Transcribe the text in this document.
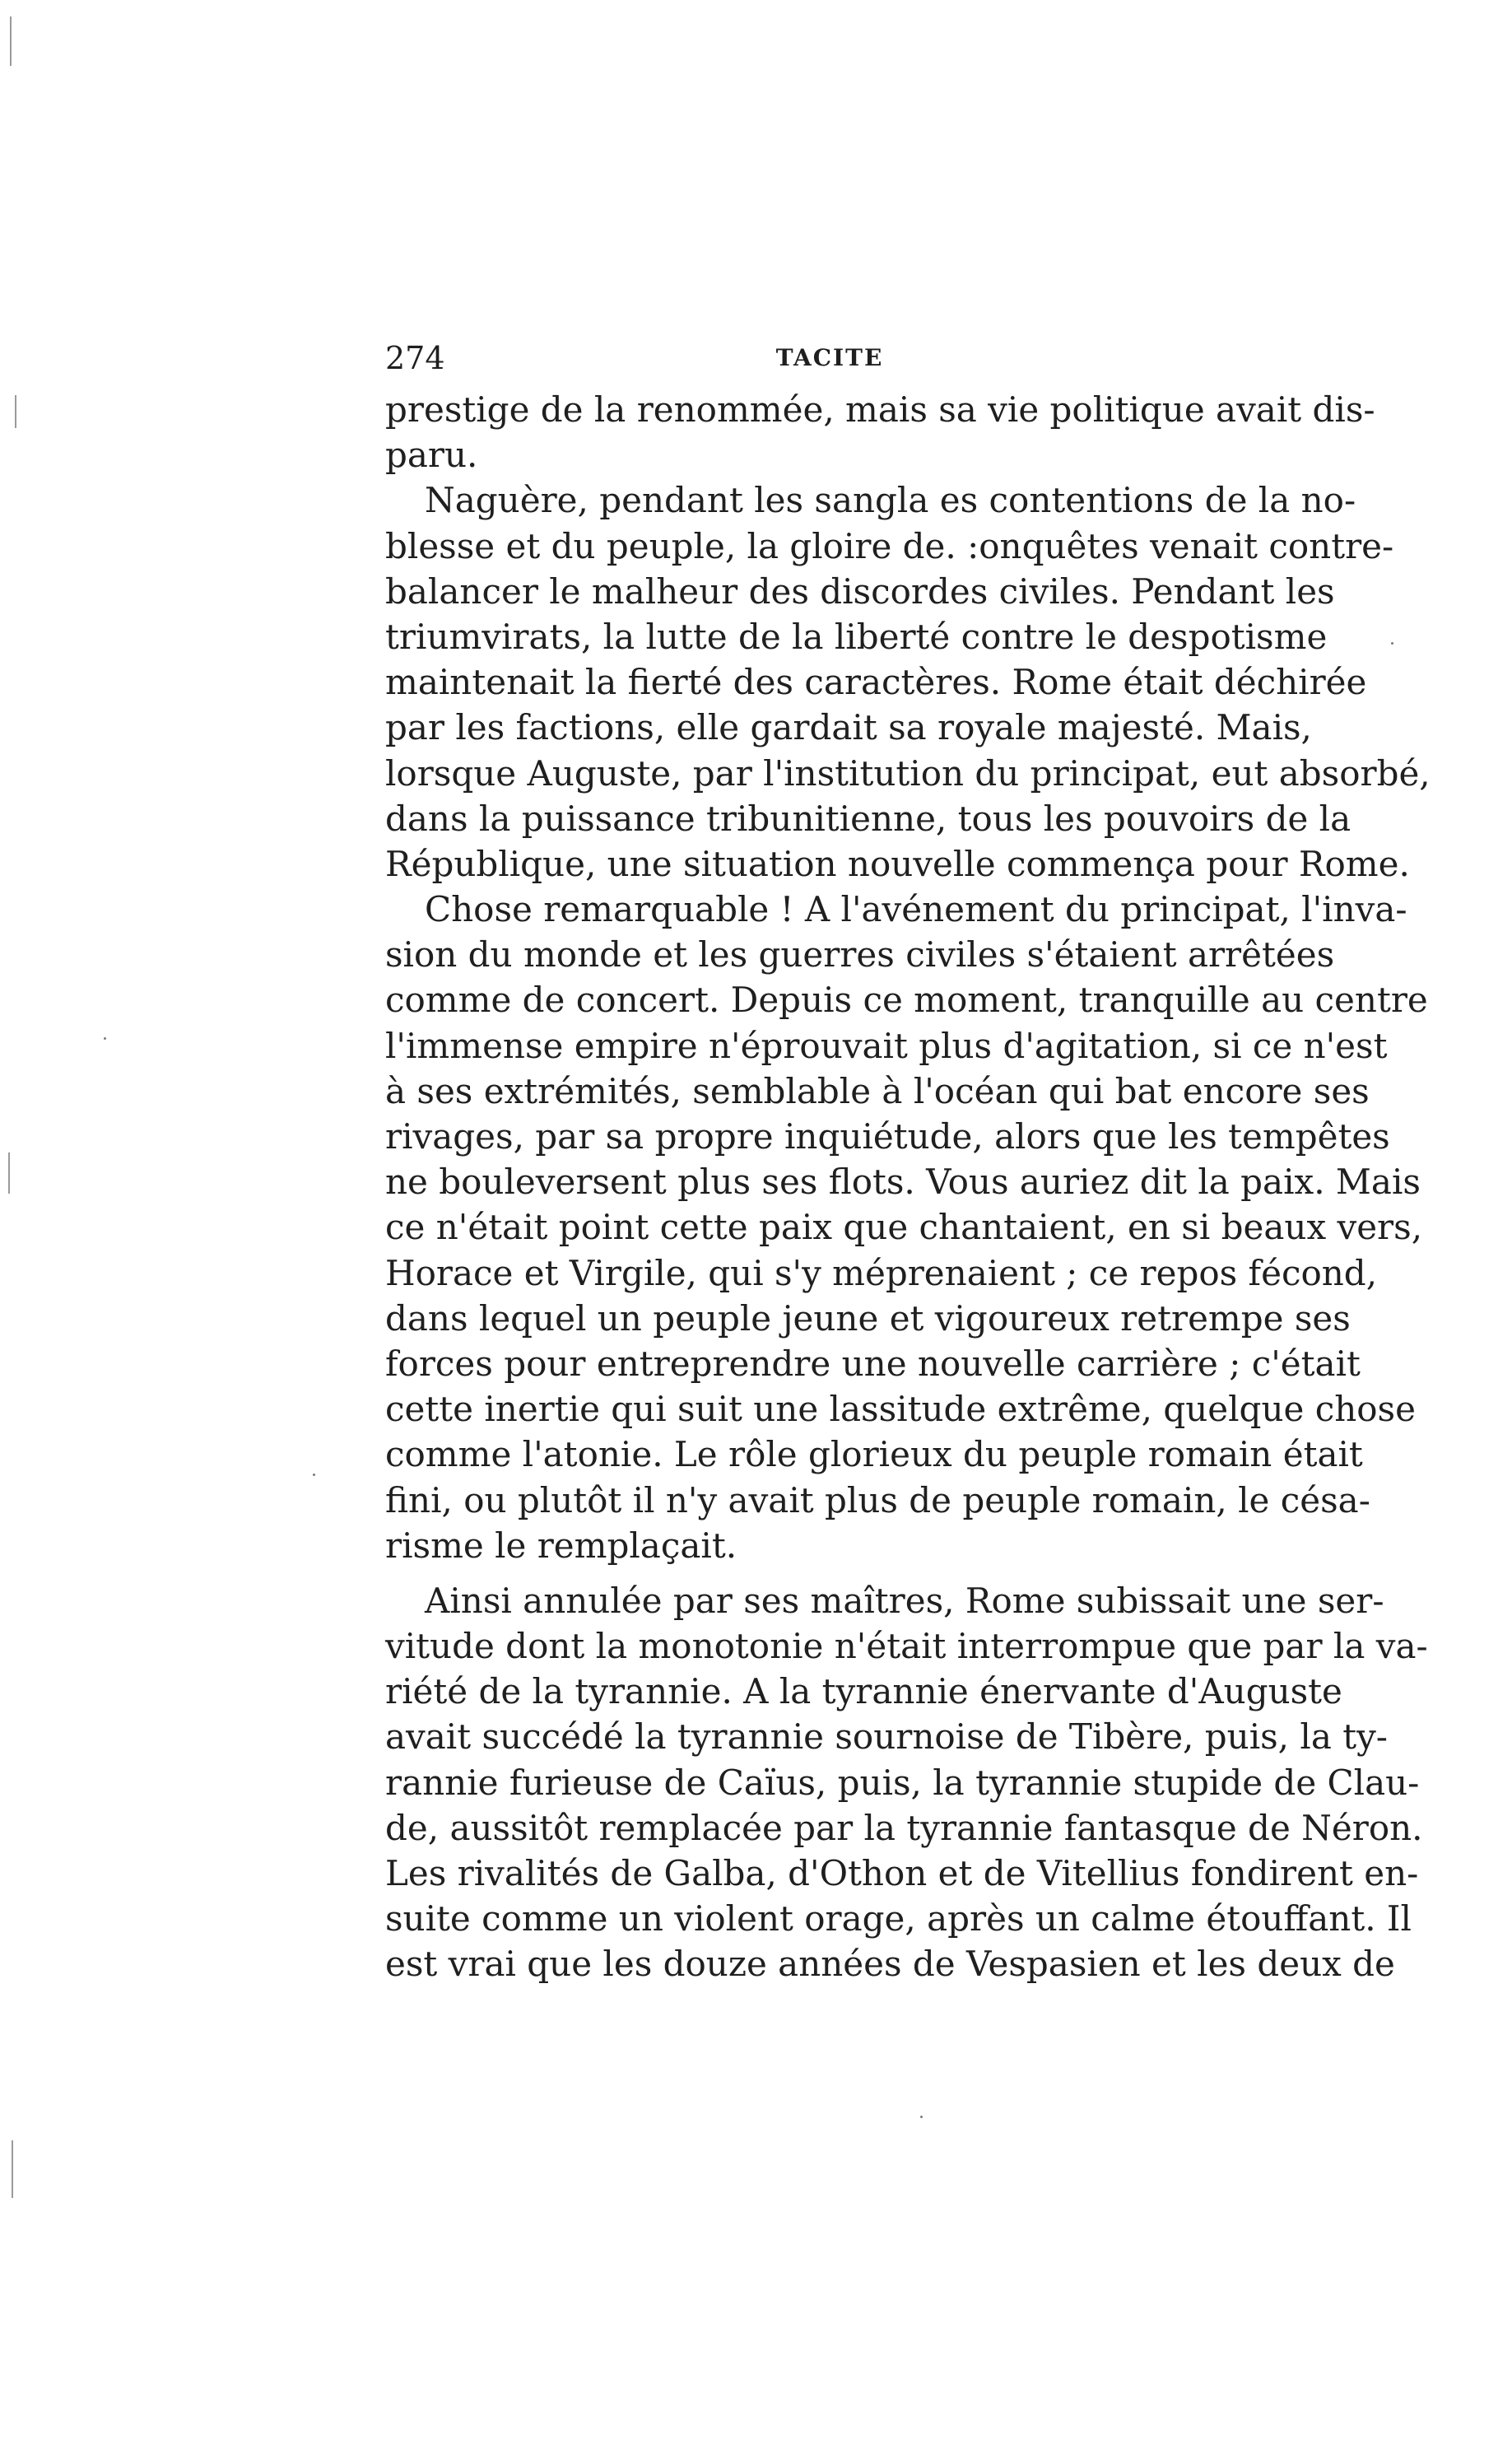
274	TACITE
prestige de la renommée, mais sa vie politique avait dis-
paru.
Naguère, pendant les sangla es contentions de la no-
blesse et du peuple, la gloire de. :onquêtes venait contre-
balancer le malheur des discordes civiles. Pendant les
triumvirats, la lutte de la liberté contre le despotisme
maintenait la fierté des caractères. Rome était déchirée
par les factions, elle gardait sa royale majesté. Mais,
lorsque Auguste, par l'institution du principat, eut absorbé,
dans la puissance tribunitienne, tous les pouvoirs de la
République, une situation nouvelle commença pour Rome.
Chose remarquable ! A l'avénement du principat, l'inva-
sion du monde et les guerres civiles s'étaient arrêtées
comme de concert. Depuis ce moment, tranquille au centre
l'immense empire n'éprouvait plus d'agitation, si ce n'est
à ses extrémités, semblable à l'océan qui bat encore ses
rivages, par sa propre inquiétude, alors que les tempêtes
ne bouleversent plus ses flots. Vous auriez dit la paix. Mais
ce n'était point cette paix que chantaient, en si beaux vers,
Horace et Virgile, qui s'y méprenaient ; ce repos fécond,
dans lequel un peuple jeune et vigoureux retrempe ses
forces pour entreprendre une nouvelle carrière ; c'était
cette inertie qui suit une lassitude extrême, quelque chose
comme l'atonie. Le rôle glorieux du peuple romain était
fini, ou plutôt il n'y avait plus de peuple romain, le césa-
risme le remplaçait.
Ainsi annulée par ses maîtres, Rome subissait une ser-
vitude dont la monotonie n'était interrompue que par la va-
riété de la tyrannie. A la tyrannie énervante d'Auguste
avait succédé la tyrannie sournoise de Tibère, puis, la ty-
rannie furieuse de Caïus, puis, la tyrannie stupide de Clau-
de, aussitôt remplacée par la tyrannie fantasque de Néron.
Les rivalités de Galba, d'Othon et de Vitellius fondirent en-
suite comme un violent orage, après un calme étouffant. Il
est vrai que les douze années de Vespasien et les deux de
